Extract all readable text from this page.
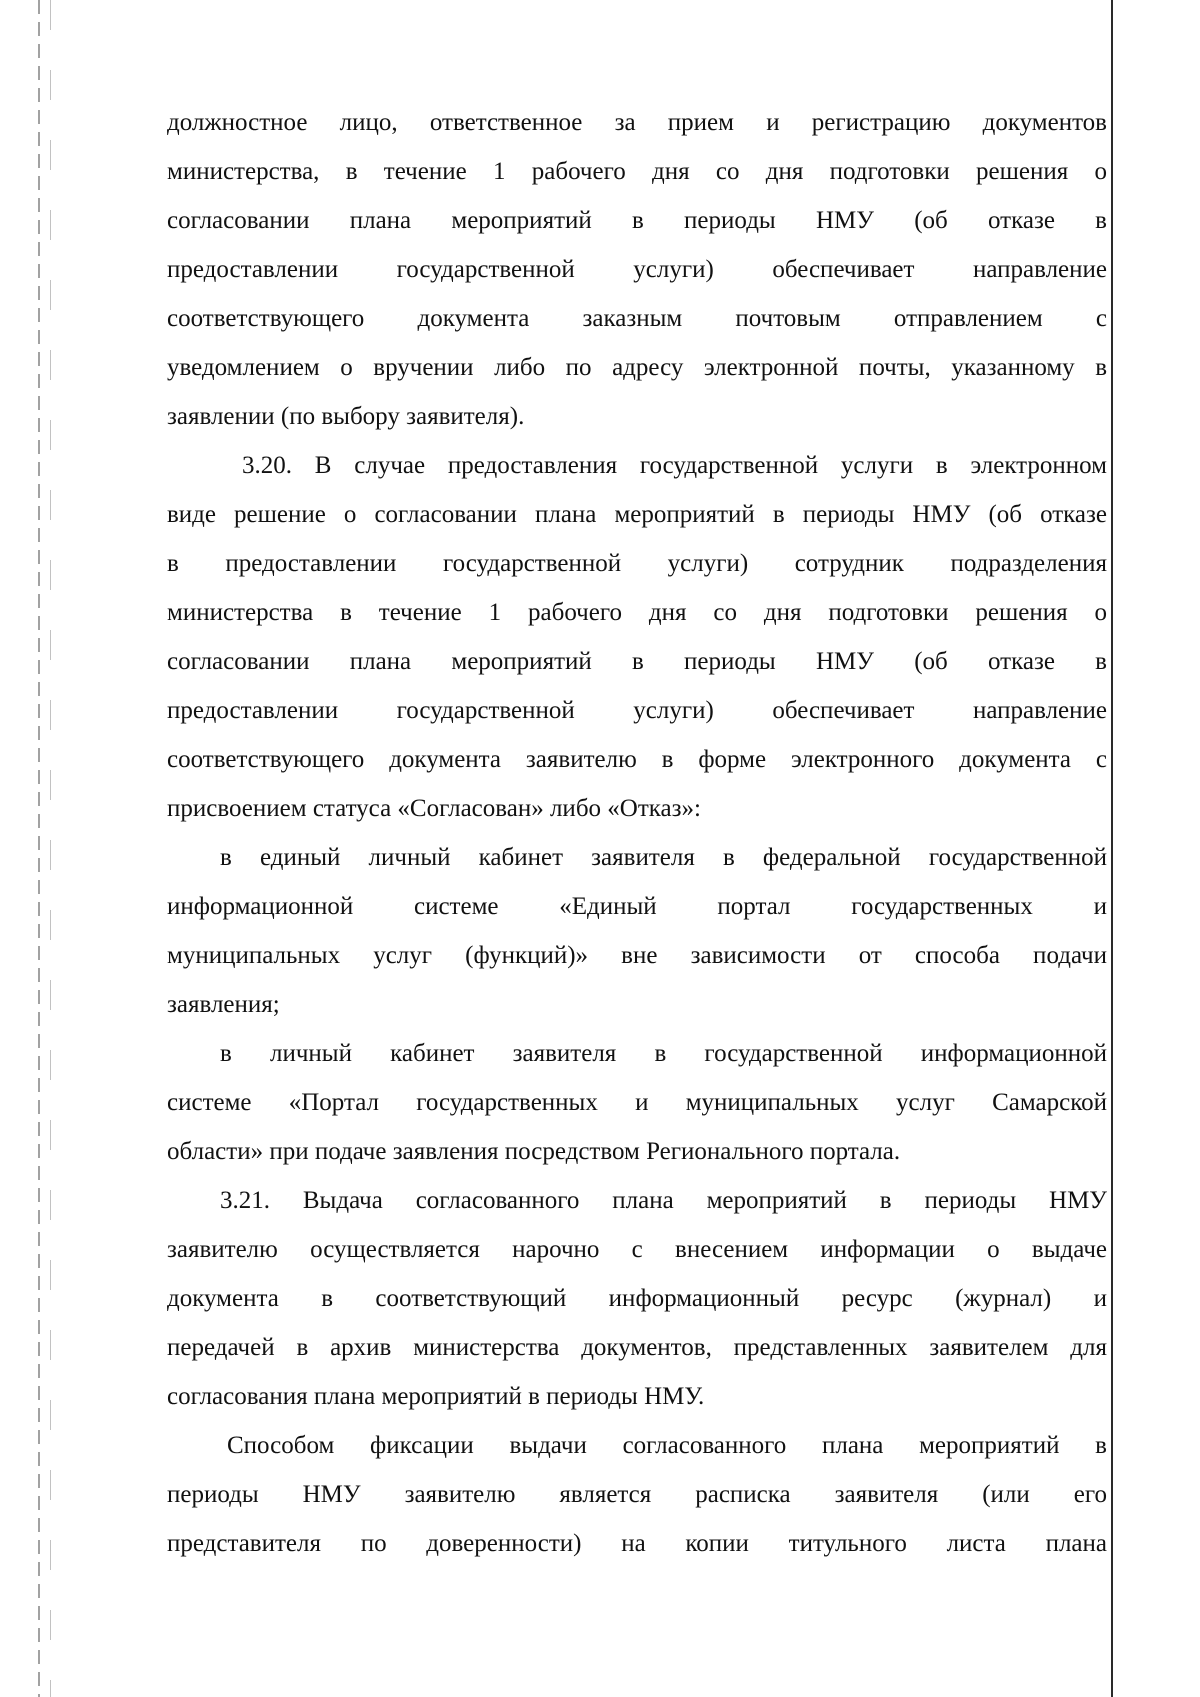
должностное лицо, ответственное за прием и регистрацию документов
министерства, в течение 1 рабочего дня со дня подготовки решения о
согласовании плана мероприятий в периоды НМУ (об отказе в
предоставлении государственной услуги) обеспечивает направление
соответствующего документа заказным почтовым отправлением с
уведомлением о вручении либо по адресу электронной почты, указанному в
заявлении (по выбору заявителя).
3.20. В случае предоставления государственной услуги в электронном
виде решение о согласовании плана мероприятий в периоды НМУ (об отказе
в предоставлении государственной услуги) сотрудник подразделения
министерства в течение 1 рабочего дня со дня подготовки решения о
согласовании плана мероприятий в периоды НМУ (об отказе в
предоставлении государственной услуги) обеспечивает направление
соответствующего документа заявителю в форме электронного документа с
присвоением статуса «Согласован» либо «Отказ»:
в единый личный кабинет заявителя в федеральной государственной
информационной системе «Единый портал государственных и
муниципальных услуг (функций)» вне зависимости от способа подачи
заявления;
в личный кабинет заявителя в государственной информационной
системе «Портал государственных и муниципальных услуг Самарской
области» при подаче заявления посредством Регионального портала.
3.21. Выдача согласованного плана мероприятий в периоды НМУ
заявителю осуществляется нарочно с внесением информации о выдаче
документа в соответствующий информационный ресурс (журнал) и
передачей в архив министерства документов, представленных заявителем для
согласования плана мероприятий в периоды НМУ.
Способом фиксации выдачи согласованного плана мероприятий в
периоды НМУ заявителю является расписка заявителя (или его
представителя по доверенности) на копии титульного листа плана
